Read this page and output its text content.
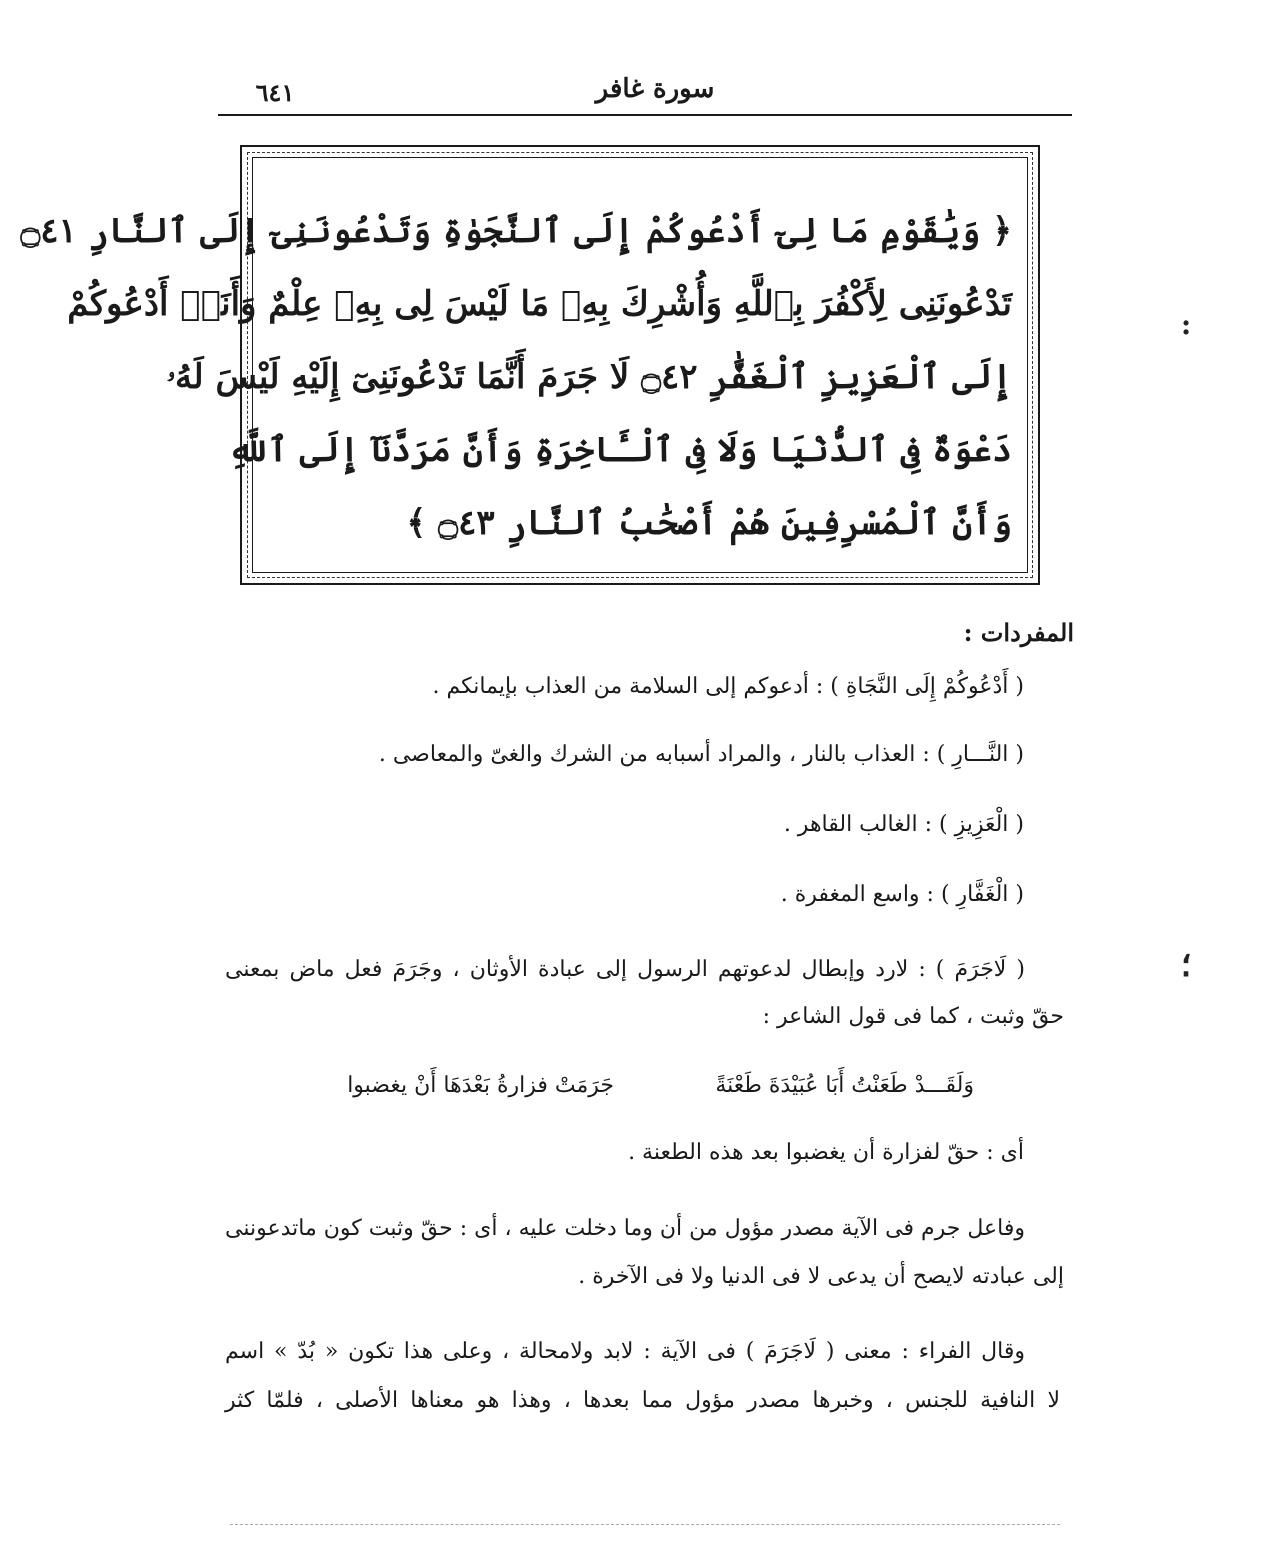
سورة غافر
٦٤١
﴿ وَيَٰقَوْمِ مَا لِىٓ أَدْعُوكُمْ إِلَى ٱلنَّجَوٰةِ وَتَدْعُونَنِىٓ إِلَى ٱلنَّارِ ۝٤١
تَدْعُونَنِى لِأَكْفُرَ بِٱللَّهِ وَأُشْرِكَ بِهِۦ مَا لَيْسَ لِى بِهِۦ عِلْمٌ وَأَنَا۠ أَدْعُوكُمْ
إِلَى ٱلْعَزِيزِ ٱلْغَفَّٰرِ ۝٤٢ لَا جَرَمَ أَنَّمَا تَدْعُونَنِىٓ إِلَيْهِ لَيْسَ لَهُۥ
دَعْوَةٌ فِى ٱلدُّنْيَا وَلَا فِى ٱلْـَٔاخِرَةِ وَأَنَّ مَرَدَّنَآ إِلَى ٱللَّهِ
وَأَنَّ ٱلْمُسْرِفِينَ هُمْ أَصْحَٰبُ ٱلنَّارِ ۝٤٣ ﴾
المفردات :
( أَدْعُوكُمْ إِلَى النَّجَاةِ ) : أدعوكم إلى السلامة من العذاب بإيمانكم .
( النَّـــارِ ) : العذاب بالنار ، والمراد أسبابه من الشرك والغىّ والمعاصى .
( الْعَزِيزِ ) : الغالب القاهر .
( الْغَفَّارِ ) : واسع المغفرة .
( لَاجَرَمَ ) : لارد وإبطال لدعوتهم الرسول إلى عبادة الأوثان ، وجَرَمَ فعل ماض بمعنى
حقّ وثبت ، كما فى قول الشاعر :
وَلَقَـــدْ طَعَنْتُ أَبَا عُبَيْدَةَ طَعْنَةً
جَرَمَتْ فزارةُ بَعْدَهَا أَنْ يغضبوا
أى : حقّ لفزارة أن يغضبوا بعد هذه الطعنة .
وفاعل جرم فى الآية مصدر مؤول من أن وما دخلت عليه ، أى : حقّ وثبت كون ماتدعوننى
إلى عبادته لايصح أن يدعى لا فى الدنيا ولا فى الآخرة .
وقال الفراء : معنى ( لَاجَرَمَ ) فى الآية : لابد ولامحالة ، وعلى هذا تكون « بُدّ » اسم
لا النافية للجنس ، وخبرها مصدر مؤول مما بعدها ، وهذا هو معناها الأصلى ، فلمّا كثر
:
؛
